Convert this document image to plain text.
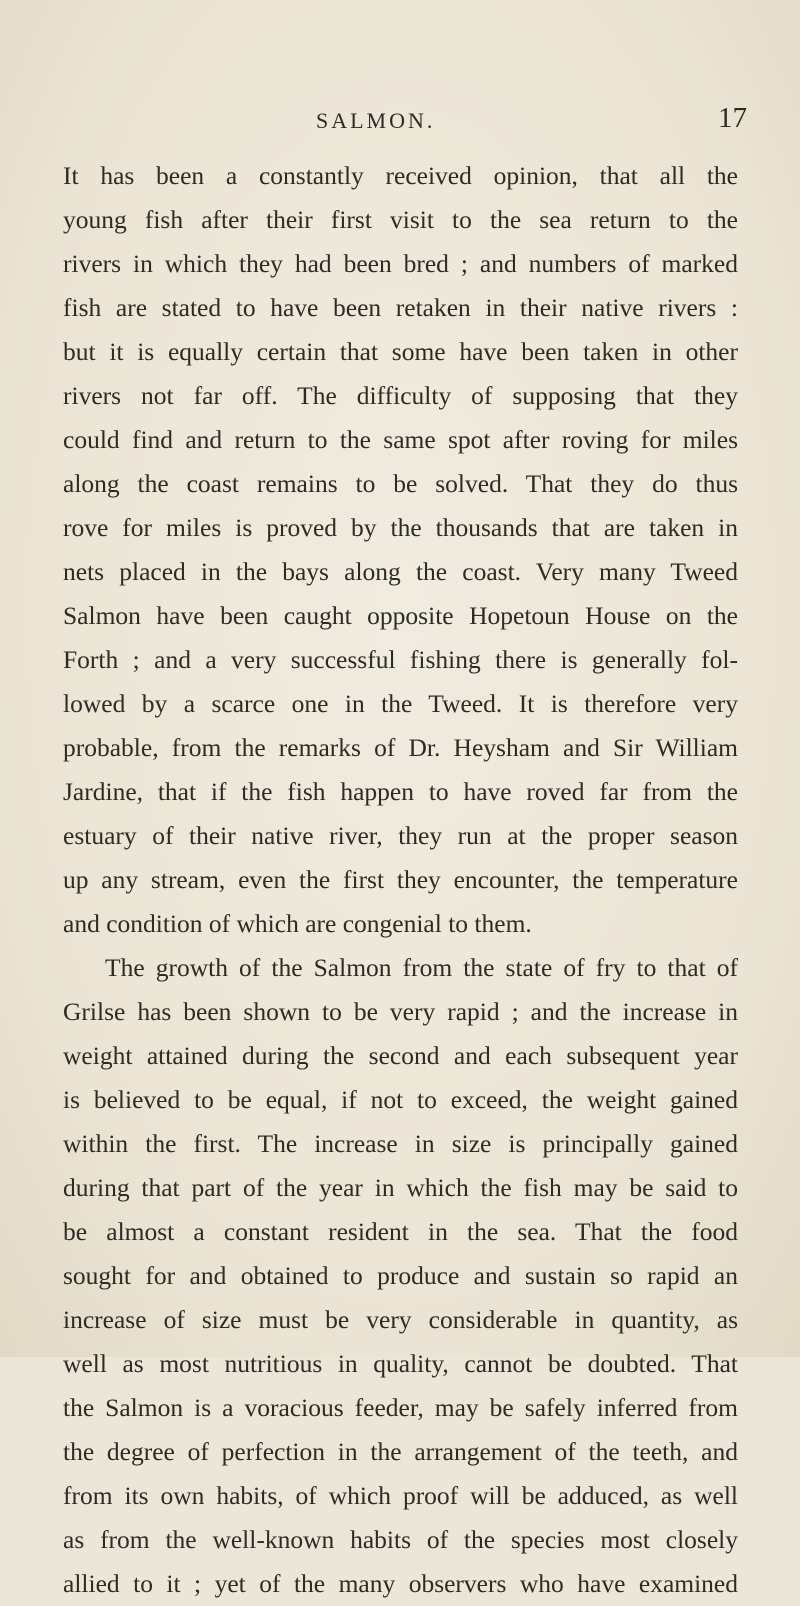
SALMON.	17
It has been a constantly received opinion, that all the
young fish after their first visit to the sea return to the
rivers in which they had been bred ; and numbers of marked
fish are stated to have been retaken in their native rivers :
but it is equally certain that some have been taken in other
rivers not far off. The difficulty of supposing that they
could find and return to the same spot after roving for miles
along the coast remains to be solved. That they do thus
rove for miles is proved by the thousands that are taken in
nets placed in the bays along the coast. Very many Tweed
Salmon have been caught opposite Hopetoun House on the
Forth ; and a very successful fishing there is generally fol-
lowed by a scarce one in the Tweed. It is therefore very
probable, from the remarks of Dr. Heysham and Sir William
Jardine, that if the fish happen to have roved far from the
estuary of their native river, they run at the proper season
up any stream, even the first they encounter, the temperature
and condition of which are congenial to them.
The growth of the Salmon from the state of fry to that of
Grilse has been shown to be very rapid ; and the increase in
weight attained during the second and each subsequent year
is believed to be equal, if not to exceed, the weight gained
within the first. The increase in size is principally gained
during that part of the year in which the fish may be said to
be almost a constant resident in the sea. That the food
sought for and obtained to produce and sustain so rapid an
increase of size must be very considerable in quantity, as
well as most nutritious in quality, cannot be doubted. That
the Salmon is a voracious feeder, may be safely inferred from
the degree of perfection in the arrangement of the teeth, and
from its own habits, of which proof will be adduced, as well
as from the well-known habits of the species most closely
allied to it ; yet of the many observers who have examined
